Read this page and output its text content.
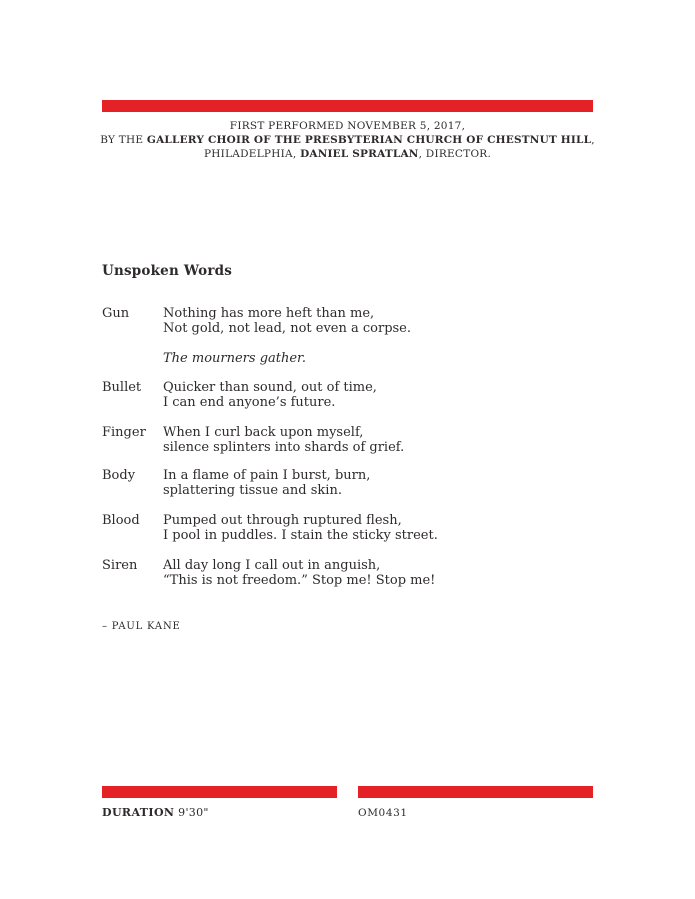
FIRST PERFORMED NOVEMBER 5, 2017,
BY THE GALLERY CHOIR OF THE PRESBYTERIAN CHURCH OF CHESTNUT HILL,
PHILADELPHIA, DANIEL SPRATLAN, DIRECTOR.
Unspoken Words
Gun	Nothing has more heft than me,
Not gold, not lead, not even a corpse.
The mourners gather.
Bullet Quicker than sound, out of time,
I can end anyone’s future.
Finger When I curl back upon myself,
silence splinters into shards of grief.
Body In a flame of pain I burst, burn,
splattering tissue and skin.
Blood Pumped out through ruptured flesh,
I pool in puddles. I stain the sticky street.
Siren All day long I call out in anguish,
“This is not freedom.” Stop me! Stop me!
– PAUL KANE
DURATION 9'30"	OM0431
